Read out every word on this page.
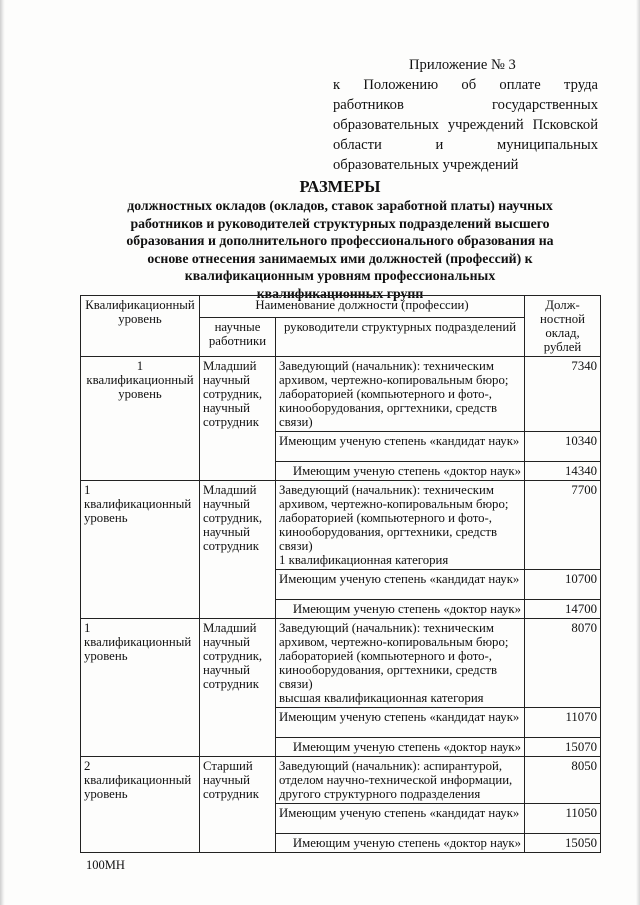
Приложение № 3
к Положению об оплате труда
работников государственных
образовательных учреждений Псковской
области и муниципальных
образовательных учреждений
РАЗМЕРЫ
должностных окладов (окладов, ставок заработной платы) научных
работников и руководителей структурных подразделений высшего
образования и дополнительного профессионального образования на
основе отнесения занимаемых ими должностей (профессий) к
квалификационным уровням профессиональных
квалификационных групп
Квалификационный уровень	Наименование должности (профессии)		Долж-ностной оклад, рублей
	научные работники	руководители структурных подразделений	
1 квалификационный уровень	Младший научный сотрудник, научный сотрудник	Заведующий (начальник): техническим архивом, чертежно-копировальным бюро; лабораторией (компьютерного и фото-, кинооборудования, оргтехники, средств связи)	7340
		Имеющим ученую степень «кандидат наук»	10340
		Имеющим ученую степень «доктор наук»	14340
1 квалификационный уровень	Младший научный сотрудник, научный сотрудник	Заведующий (начальник): техническим архивом, чертежно-копировальным бюро; лабораторией (компьютерного и фото-, кинооборудования, оргтехники, средств связи)
1 квалификационная категория	7700
		Имеющим ученую степень «кандидат наук»	10700
		Имеющим ученую степень «доктор наук»	14700
1 квалификационный уровень	Младший научный сотрудник, научный сотрудник	Заведующий (начальник): техническим архивом, чертежно-копировальным бюро; лабораторией (компьютерного и фото-, кинооборудования, оргтехники, средств связи)
высшая квалификационная категория	8070
		Имеющим ученую степень «кандидат наук»	11070
		Имеющим ученую степень «доктор наук»	15070
2 квалификационный уровень	Старший научный сотрудник	Заведующий (начальник): аспирантурой, отделом научно-технической информации, другого структурного подразделения	8050
		Имеющим ученую степень «кандидат наук»	11050
		Имеющим ученую степень «доктор наук»	15050
100МН
